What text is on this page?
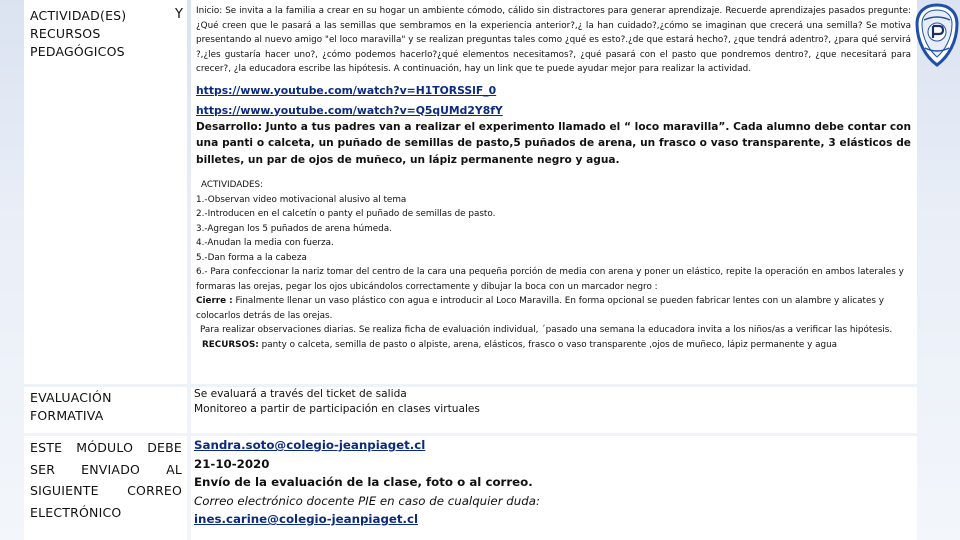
ACTIVIDAD(ES) RECURSOS PEDAGÓGICOS
Y Inicio: Se invita a la familia a crear en su hogar un ambiente cómodo, cálido sin distractores para generar aprendizaje. Recuerde aprendizajes pasados pregunte:¿Qué creen que le pasará a las semillas que sembramos en la experiencia anterior?,¿ la han cuidado?,¿cómo se imaginan que crecerá una semilla? Se motiva presentando al nuevo amigo "el loco maravilla" y se realizan preguntas tales como ¿qué es esto?.¿de que estará hecho?, ¿que tendrá adentro?, ¿para qué servirá ?,¿les gustaría hacer uno?, ¿cómo podemos hacerlo?¿qué elementos necesitamos?, ¿qué pasará con el pasto que pondremos dentro?, ¿que necesitará para crecer?, ¿la educadora escribe las hipótesis. A continuación, hay un link que te puede ayudar mejor para realizar la actividad.

https://www.youtube.com/watch?v=H1TORSSlF_0
https://www.youtube.com/watch?v=Q5qUMd2Y8fY

Desarrollo: Junto a tus padres van a realizar el experimento llamado el “ loco maravilla”. Cada alumno debe contar con una panti o calceta, un puñado de semillas de pasto,5 puñados de arena, un frasco o vaso transparente, 3 elásticos de billetes, un par de ojos de muñeco, un lápiz permanente negro y agua.

ACTIVIDADES:
1.-Observan video motivacional alusivo al tema
2.-Introducen en el calcetín o panty el puñado de semillas de pasto.
3.-Agregan los 5 puñados de arena húmeda.
4.-Anudan la media con fuerza.
5.-Dan forma a la cabeza
6.- Para confeccionar la nariz tomar del centro de la cara una pequeña porción de media con arena y poner un elástico, repite la operación en ambos laterales y formaras las orejas, pegar los ojos ubicándolos correctamente y dibujar la boca con un marcador negro :
Cierre : Finalmente llenar un vaso plástico con agua e introducir al Loco Maravilla. En forma opcional se pueden fabricar lentes con un alambre y alicates y colocarlos detrás de las orejas.
Para realizar observaciones diarias. Se realiza ficha de evaluación individual, ´pasado una semana la educadora invita a los niños/as a verificar las hipótesis.
RECURSOS: panty o calceta, semilla de pasto o alpiste, arena, elásticos, frasco o vaso transparente ,ojos de muñeco, lápiz permanente y agua
EVALUACIÓN FORMATIVA
Se evaluará a través del ticket de salida
Monitoreo a partir de participación en clases virtuales
ESTE MÓDULO DEBE SER ENVIADO AL SIGUIENTE CORREO ELECTRÓNICO
Sandra.soto@colegio-jeanpiaget.cl
21-10-2020
Envío de la evaluación de la clase, foto o al correo.
Correo electrónico docente PIE en caso de cualquier duda:
ines.carine@colegio-jeanpiaget.cl
